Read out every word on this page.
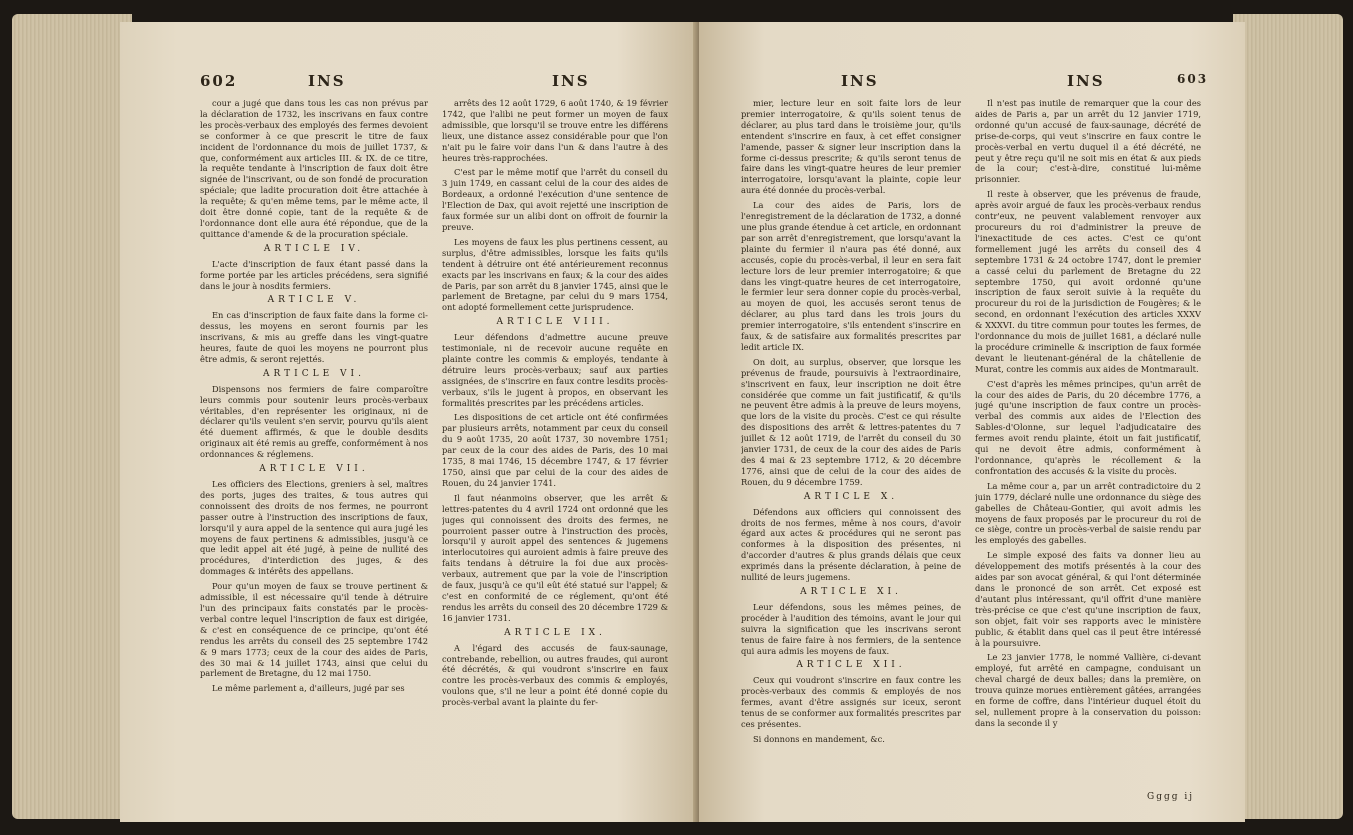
602	INS	INS

cour a jugé que dans tous les cas non prévus par la déclaration de 1732, les inscrivans en faux contre les procès-verbaux des employés des fermes devoient se conformer à ce que prescrit le titre de faux incident de l'ordonnance du mois de juillet 1737, & que, conformément aux articles III. & IX. de ce titre, la requête tendante à l'inscription de faux doit être signée de l'inscrivant, ou de son fondé de procuration spéciale; que ladite procuration doit être attachée à la requête; & qu'en même tems, par le même acte, il doit être donné copie, tant de la requête & de l'ordonnance dont elle aura été répondue, que de la quittance d'amende & de la procuration spéciale.

ARTICLE IV.

L'acte d'inscription de faux étant passé dans la forme portée par les articles précédens, sera signifié dans le jour à nosdits fermiers.

ARTICLE V.

En cas d'inscription de faux faite dans la forme ci-dessus, les moyens en seront fournis par les inscrivans, & mis au greffe dans les vingt-quatre heures, faute de quoi les moyens ne pourront plus être admis, & seront rejettés.

ARTICLE VI.

Dispensons nos fermiers de faire comparoître leurs commis pour soutenir leurs procès-verbaux véritables, d'en représenter les originaux, ni de déclarer qu'ils veulent s'en servir, pourvu qu'ils aient été duement affirmés, & que le double desdits originaux ait été remis au greffe, conformément à nos ordonnances & réglemens.

ARTICLE VII.

Les officiers des Elections, greniers à sel, maîtres des ports, juges des traites, & tous autres qui connoissent des droits de nos fermes, ne pourront passer outre à l'instruction des inscriptions de faux, lorsqu'il y aura appel de la sentence qui aura jugé les moyens de faux pertinens & admissibles, jusqu'à ce que ledit appel ait été jugé, à peine de nullité des procédures, d'interdiction des juges, & des dommages & intérêts des appellans.

Pour qu'un moyen de faux se trouve pertinent & admissible, il est nécessaire qu'il tende à détruire l'un des principaux faits constatés par le procès-verbal contre lequel l'inscription de faux est dirigée, & c'est en conséquence de ce principe, qu'ont été rendus les arrêts du conseil des 25 septembre 1742 & 9 mars 1773; ceux de la cour des aides de Paris, des 30 mai & 14 juillet 1743, ainsi que celui du parlement de Bretagne, du 12 mai 1750.

Le même parlement a, d'ailleurs, jugé par ses

arrêts des 12 août 1729, 6 août 1740, & 19 février 1742, que l'alibi ne peut former un moyen de faux admissible, que lorsqu'il se trouve entre les différens lieux, une distance assez considérable pour que l'on n'ait pu le faire voir dans l'un & dans l'autre à des heures très-rapprochées.

C'est par le même motif que l'arrêt du conseil du 3 juin 1749, en cassant celui de la cour des aides de Bordeaux, a ordonné l'exécution d'une sentence de l'Election de Dax, qui avoit rejetté une inscription de faux formée sur un alibi dont on offroit de fournir la preuve.

Les moyens de faux les plus pertinens cessent, au surplus, d'être admissibles, lorsque les faits qu'ils tendent à détruire ont été antérieurement reconnus exacts par les inscrivans en faux; & la cour des aides de Paris, par son arrêt du 8 janvier 1745, ainsi que le parlement de Bretagne, par celui du 9 mars 1754, ont adopté formellement cette jurisprudence.

ARTICLE VIII.

Leur défendons d'admettre aucune preuve testimoniale, ni de recevoir aucune requête en plainte contre les commis & employés, tendante à détruire leurs procès-verbaux; sauf aux parties assignées, de s'inscrire en faux contre lesdits procès-verbaux, s'ils le jugent à propos, en observant les formalités prescrites par les précédens articles.

Les dispositions de cet article ont été confirmées par plusieurs arrêts, notamment par ceux du conseil du 9 août 1735, 20 août 1737, 30 novembre 1751; par ceux de la cour des aides de Paris, des 10 mai 1735, 8 mai 1746, 15 décembre 1747, & 17 février 1750, ainsi que par celui de la cour des aides de Rouen, du 24 janvier 1741.

Il faut néanmoins observer, que les arrêt & lettres-patentes du 4 avril 1724 ont ordonné que les juges qui connoissent des droits des fermes, ne pourroient passer outre à l'instruction des procès, lorsqu'il y auroit appel des sentences & jugemens interlocutoires qui auroient admis à faire preuve des faits tendans à détruire la foi due aux procès-verbaux, autrement que par la voie de l'inscription de faux, jusqu'à ce qu'il eût été statué sur l'appel; & c'est en conformité de ce réglement, qu'ont été rendus les arrêts du conseil des 20 décembre 1729 & 16 janvier 1731.

ARTICLE IX.

A l'égard des accusés de faux-saunage, contrebande, rebellion, ou autres fraudes, qui auront été décrétés, & qui voudront s'inscrire en faux contre les procès-verbaux des commis & employés, voulons que, s'il ne leur a point été donné copie du procès-verbal avant la plainte du fer-

INS	INS	603

mier, lecture leur en soit faite lors de leur premier interrogatoire, & qu'ils soient tenus de déclarer, au plus tard dans le troisième jour, qu'ils entendent s'inscrire en faux, à cet effet consigner l'amende, passer & signer leur inscription dans la forme ci-dessus prescrite; & qu'ils seront tenus de faire dans les vingt-quatre heures de leur premier interrogatoire, lorsqu'avant la plainte, copie leur aura été donnée du procès-verbal.

La cour des aides de Paris, lors de l'enregistrement de la déclaration de 1732, a donné une plus grande étendue à cet article, en ordonnant par son arrêt d'enregistrement, que lorsqu'avant la plainte du fermier il n'aura pas été donné, aux accusés, copie du procès-verbal, il leur en sera fait lecture lors de leur premier interrogatoire; & que dans les vingt-quatre heures de cet interrogatoire, le fermier leur sera donner copie du procès-verbal, au moyen de quoi, les accusés seront tenus de déclarer, au plus tard dans les trois jours du premier interrogatoire, s'ils entendent s'inscrire en faux, & de satisfaire aux formalités prescrites par ledit article IX.

On doit, au surplus, observer, que lorsque les prévenus de fraude, poursuivis à l'extraordinaire, s'inscrivent en faux, leur inscription ne doit être considérée que comme un fait justificatif, & qu'ils ne peuvent être admis à la preuve de leurs moyens, que lors de la visite du procès. C'est ce qui résulte des dispositions des arrêt & lettres-patentes du 7 juillet & 12 août 1719, de l'arrêt du conseil du 30 janvier 1731, de ceux de la cour des aides de Paris des 4 mai & 23 septembre 1712, & 20 décembre 1776, ainsi que de celui de la cour des aides de Rouen, du 9 décembre 1759.

ARTICLE X.

Défendons aux officiers qui connoissent des droits de nos fermes, même à nos cours, d'avoir égard aux actes & procédures qui ne seront pas conformes à la disposition des présentes, ni d'accorder d'autres & plus grands délais que ceux exprimés dans la présente déclaration, à peine de nullité de leurs jugemens.

ARTICLE XI.

Leur défendons, sous les mêmes peines, de procéder à l'audition des témoins, avant le jour qui suivra la signification que les inscrivans seront tenus de faire faire à nos fermiers, de la sentence qui aura admis les moyens de faux.

ARTICLE XII.

Ceux qui voudront s'inscrire en faux contre les procès-verbaux des commis & employés de nos fermes, avant d'être assignés sur iceux, seront tenus de se conformer aux formalités prescrites par ces présentes.

Si donnons en mandement, &c.

Il n'est pas inutile de remarquer que la cour des aides de Paris a, par un arrêt du 12 janvier 1719, ordonné qu'un accusé de faux-saunage, décrété de prise-de-corps, qui veut s'inscrire en faux contre le procès-verbal en vertu duquel il a été décrété, ne peut y être reçu qu'il ne soit mis en état & aux pieds de la cour; c'est-à-dire, constitué lui-même prisonnier.

Il reste à observer, que les prévenus de fraude, après avoir argué de faux les procès-verbaux rendus contr'eux, ne peuvent valablement renvoyer aux procureurs du roi d'administrer la preuve de l'inexactitude de ces actes. C'est ce qu'ont formellement jugé les arrêts du conseil des 4 septembre 1731 & 24 octobre 1747, dont le premier a cassé celui du parlement de Bretagne du 22 septembre 1750, qui avoit ordonné qu'une inscription de faux seroit suivie à la requête du procureur du roi de la jurisdiction de Fougères; & le second, en ordonnant l'exécution des articles XXXV & XXXVI. du titre commun pour toutes les fermes, de l'ordonnance du mois de juillet 1681, a déclaré nulle la procédure criminelle & inscription de faux formée devant le lieutenant-général de la châtellenie de Murat, contre les commis aux aides de Montmarault.

C'est d'après les mêmes principes, qu'un arrêt de la cour des aides de Paris, du 20 décembre 1776, a jugé qu'une inscription de faux contre un procès-verbal des commis aux aides de l'Election des Sables-d'Olonne, sur lequel l'adjudicataire des fermes avoit rendu plainte, étoit un fait justificatif, qui ne devoit être admis, conformément à l'ordonnance, qu'après le récollement & la confrontation des accusés & la visite du procès.

La même cour a, par un arrêt contradictoire du 2 juin 1779, déclaré nulle une ordonnance du siège des gabelles de Château-Gontier, qui avoit admis les moyens de faux proposés par le procureur du roi de ce siège, contre un procès-verbal de saisie rendu par les employés des gabelles.

Le simple exposé des faits va donner lieu au développement des motifs présentés à la cour des aides par son avocat général, & qui l'ont déterminée dans le prononcé de son arrêt. Cet exposé est d'autant plus intéressant, qu'il offrit d'une manière très-précise ce que c'est qu'une inscription de faux, son objet, fait voir ses rapports avec le ministère public, & établit dans quel cas il peut être intéressé à la poursuivre.

Le 23 janvier 1778, le nommé Vallière, ci-devant employé, fut arrêté en campagne, conduisant un cheval chargé de deux balles; dans la première, on trouva quinze morues entièrement gâtées, arrangées en forme de coffre, dans l'intérieur duquel étoit du sel, nullement propre à la conservation du poisson: dans la seconde il y

Gggg ij
